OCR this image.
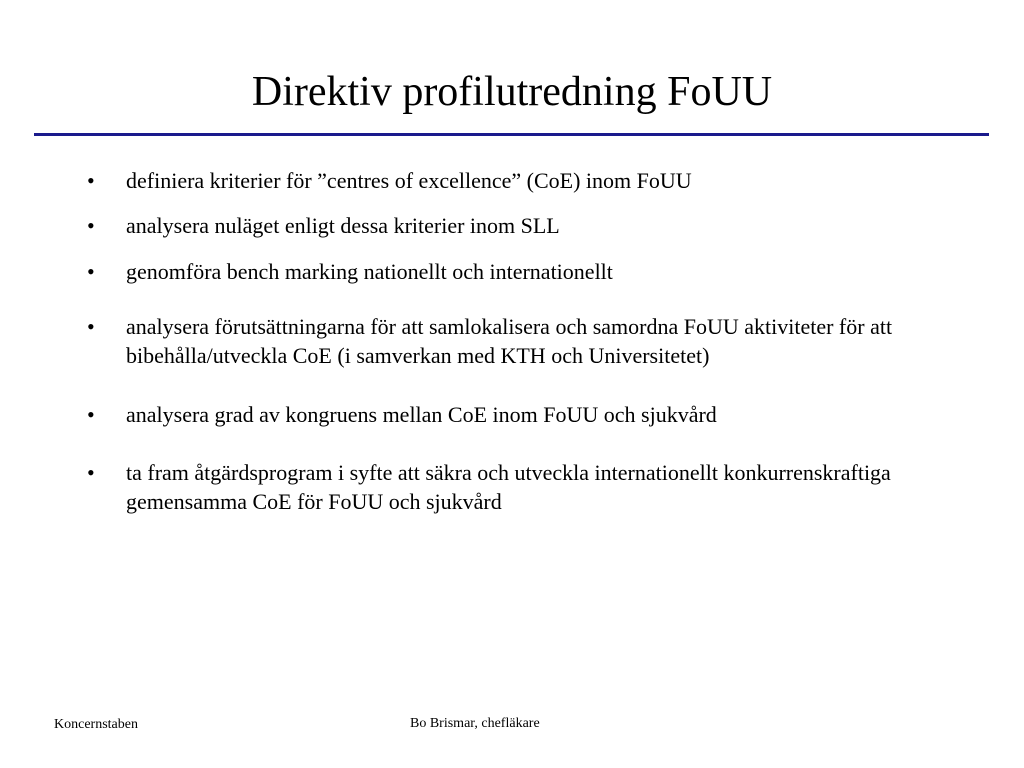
Direktiv profilutredning FoUU
• definiera kriterier för ”centres of excellence” (CoE) inom FoUU
• analysera nuläget enligt dessa kriterier inom SLL
• genomföra bench marking nationellt och internationellt
• analysera förutsättningarna för att samlokalisera och samordna FoUU aktiviteter för att bibehålla/utveckla CoE (i samverkan med KTH och Universitetet)
• analysera grad av kongruens mellan CoE inom FoUU och sjukvård
• ta fram åtgärdsprogram i syfte att säkra och utveckla internationellt konkurrenskraftiga gemensamma CoE för FoUU och sjukvård
Koncernstaben	Bo Brismar, chefläkare
